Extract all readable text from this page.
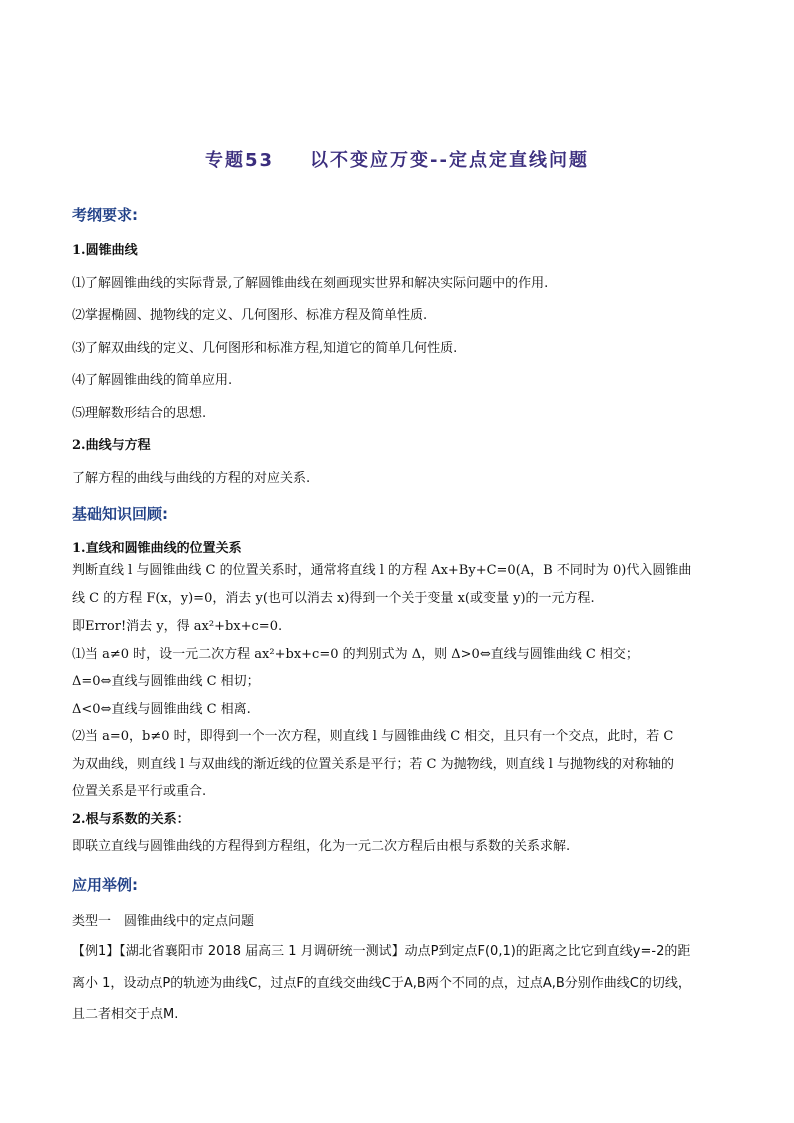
专题53 以不变应万变--定点定直线问题
考纲要求:
1.圆锥曲线
⑴了解圆锥曲线的实际背景,了解圆锥曲线在刻画现实世界和解决实际问题中的作用.
⑵掌握椭圆、抛物线的定义、几何图形、标准方程及简单性质.
⑶了解双曲线的定义、几何图形和标准方程,知道它的简单几何性质.
⑷了解圆锥曲线的简单应用.
⑸理解数形结合的思想.
2.曲线与方程
了解方程的曲线与曲线的方程的对应关系.
基础知识回顾:
1.直线和圆锥曲线的位置关系
判断直线 l 与圆锥曲线 C 的位置关系时，通常将直线 l 的方程 Ax+By+C=0(A，B 不同时为 0)代入圆锥曲
线 C 的方程 F(x，y)=0，消去 y(也可以消去 x)得到一个关于变量 x(或变量 y)的一元方程.
即Error!消去 y，得 ax²+bx+c=0.
⑴当 a≠0 时，设一元二次方程 ax²+bx+c=0 的判别式为 Δ，则 Δ>0⇔直线与圆锥曲线 C 相交；
Δ=0⇔直线与圆锥曲线 C 相切；
Δ<0⇔直线与圆锥曲线 C 相离.
⑵当 a=0，b≠0 时，即得到一个一次方程，则直线 l 与圆锥曲线 C 相交，且只有一个交点，此时，若 C
为双曲线，则直线 l 与双曲线的渐近线的位置关系是平行；若 C 为抛物线，则直线 l 与抛物线的对称轴的
位置关系是平行或重合.
2.根与系数的关系：
即联立直线与圆锥曲线的方程得到方程组，化为一元二次方程后由根与系数的关系求解.
应用举例:
类型一　圆锥曲线中的定点问题
【例1】【湖北省襄阳市 2018 届高三 1 月调研统一测试】动点P到定点F(0,1)的距离之比它到直线y=-2的距
离小 1，设动点P的轨迹为曲线C，过点F的直线交曲线C于A,B两个不同的点，过点A,B分别作曲线C的切线，
且二者相交于点M.
